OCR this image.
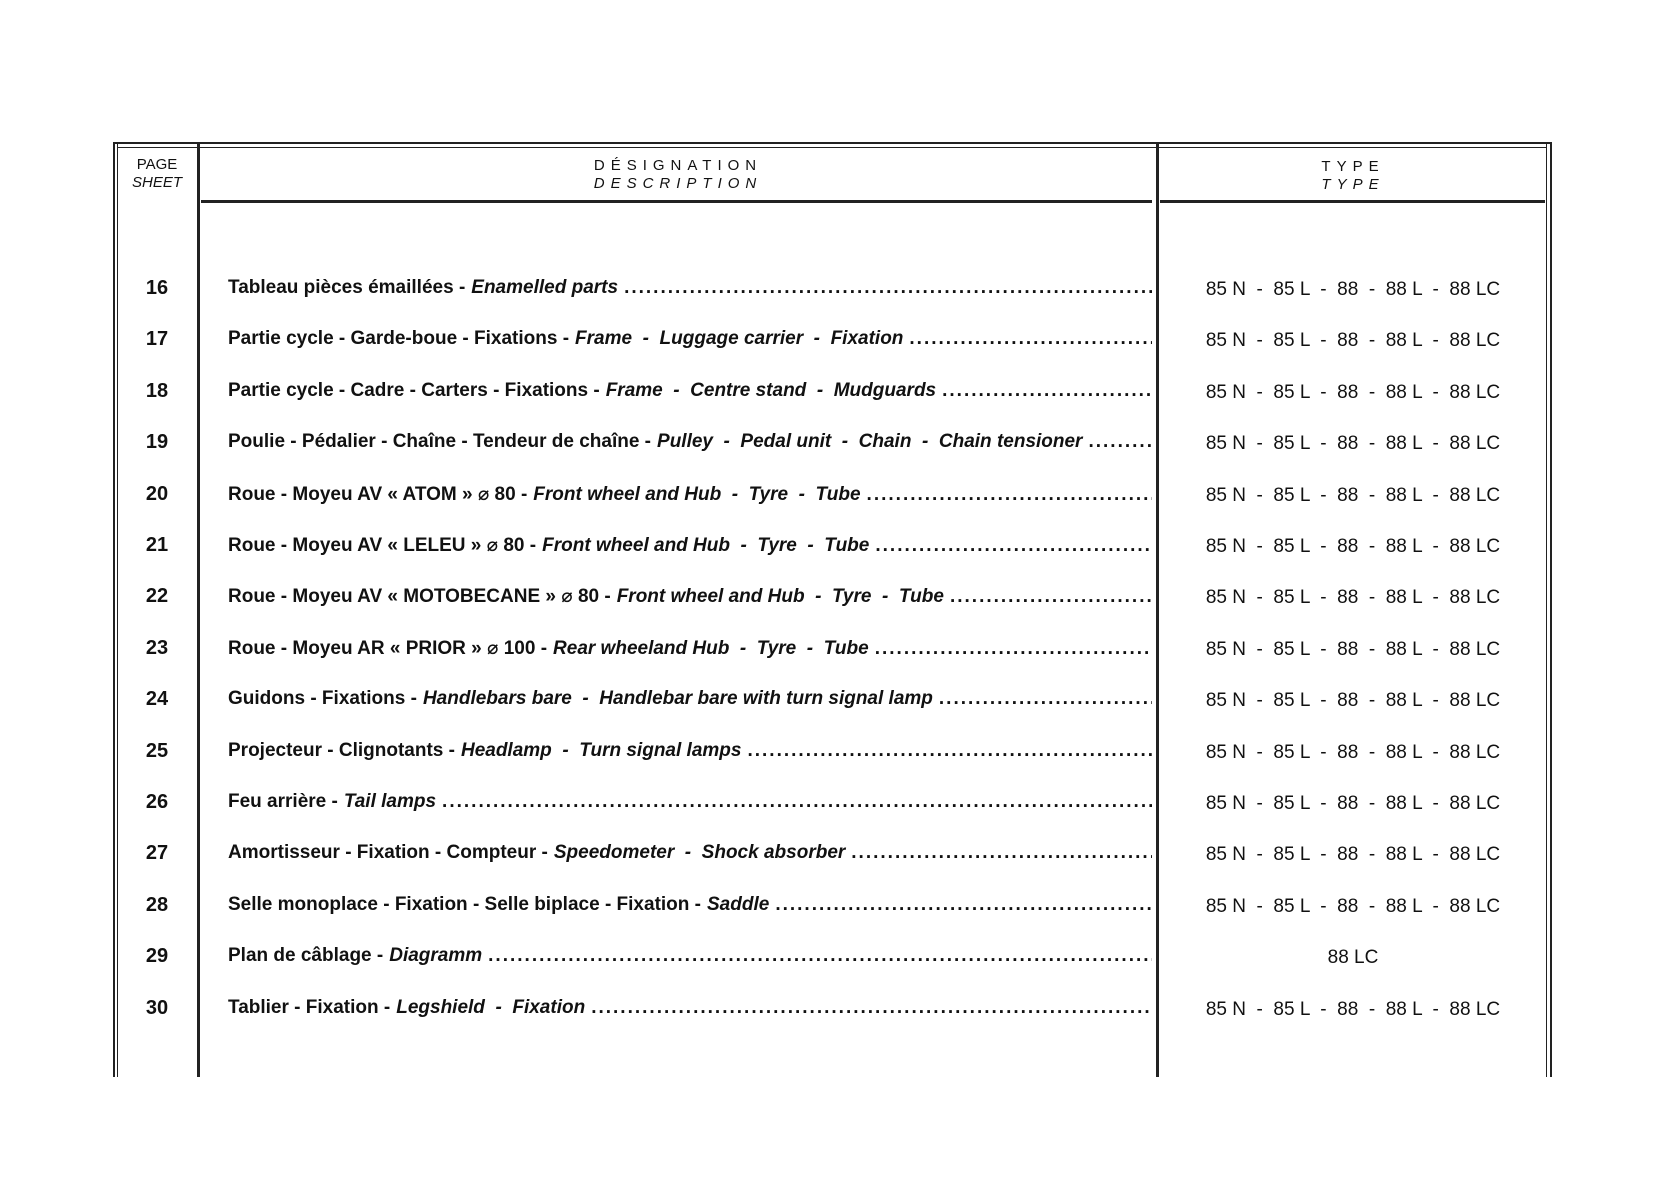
PAGE
SHEET
DÉSIGNATION
DESCRIPTION
TYPE
TYPE
16	Tableau pièces émaillées - Enamelled parts .....	85 N  -  85 L  -  88  -  88 L  -  88 LC
17	Partie cycle - Garde-boue - Fixations - Frame  -  Luggage carrier  -  Fixation .....	85 N  -  85 L  -  88  -  88 L  -  88 LC
18	Partie cycle - Cadre - Carters - Fixations - Frame  -  Centre stand  -  Mudguards .....	85 N  -  85 L  -  88  -  88 L  -  88 LC
19	Poulie - Pédalier - Chaîne - Tendeur de chaîne - Pulley  -  Pedal unit  -  Chain  -  Chain tensioner .....	85 N  -  85 L  -  88  -  88 L  -  88 LC
20	Roue - Moyeu AV « ATOM » ⌀ 80 - Front wheel and Hub  -  Tyre  -  Tube .....	85 N  -  85 L  -  88  -  88 L  -  88 LC
21	Roue - Moyeu AV « LELEU » ⌀ 80 - Front wheel and Hub  -  Tyre  -  Tube .....	85 N  -  85 L  -  88  -  88 L  -  88 LC
22	Roue - Moyeu AV « MOTOBECANE » ⌀ 80 - Front wheel and Hub  -  Tyre  -  Tube .....	85 N  -  85 L  -  88  -  88 L  -  88 LC
23	Roue - Moyeu AR « PRIOR » ⌀ 100 - Rear wheeland Hub  -  Tyre  -  Tube .....	85 N  -  85 L  -  88  -  88 L  -  88 LC
24	Guidons - Fixations - Handlebars bare  -  Handlebar bare with turn signal lamp .....	85 N  -  85 L  -  88  -  88 L  -  88 LC
25	Projecteur - Clignotants - Headlamp  -  Turn signal lamps .....	85 N  -  85 L  -  88  -  88 L  -  88 LC
26	Feu arrière - Tail lamps .....	85 N  -  85 L  -  88  -  88 L  -  88 LC
27	Amortisseur - Fixation - Compteur - Speedometer  -  Shock absorber .....	85 N  -  85 L  -  88  -  88 L  -  88 LC
28	Selle monoplace - Fixation - Selle biplace - Fixation - Saddle .....	85 N  -  85 L  -  88  -  88 L  -  88 LC
29	Plan de câblage - Diagramm .....	88 LC
30	Tablier - Fixation - Legshield  -  Fixation .....	85 N  -  85 L  -  88  -  88 L  -  88 LC
